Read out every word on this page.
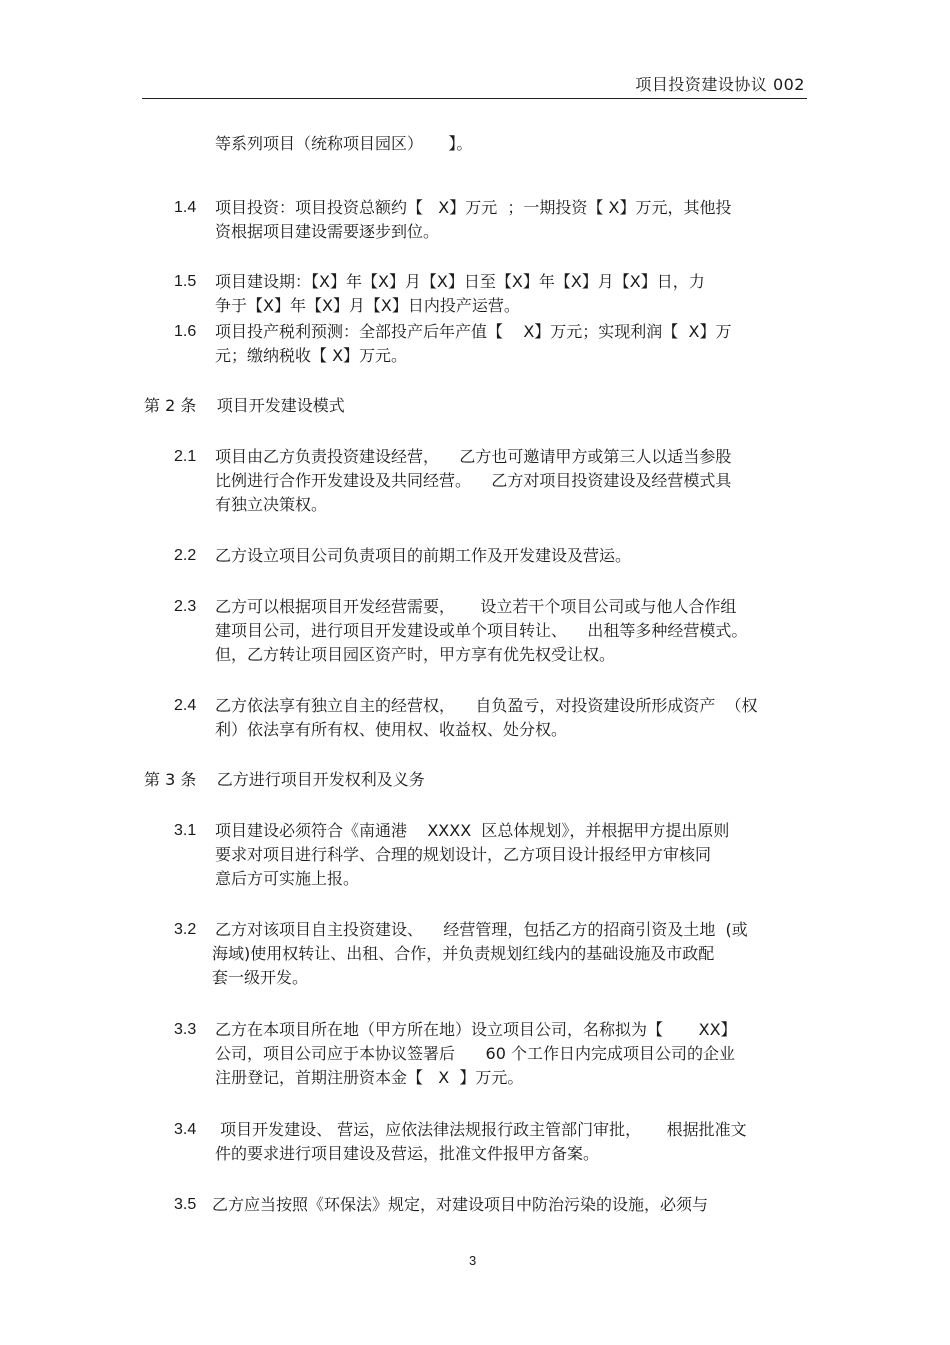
项目投资建设协议 002
等系列项目（统称项目园区）     】。
1.4 项目投资：项目投资总额约【   X】万元  ；一期投资【 X】万元，其他投
资根据项目建设需要逐步到位。
1.5 项目建设期：【X】年【X】月【X】日至【X】年【X】月【X】日，力
争于【X】年【X】月【X】日内投产运营。
1.6 项目投产税利预测：全部投产后年产值【    X】万元；实现利润【  X】万
元；缴纳税收【 X】万元。
第 2 条    项目开发建设模式
2.1 项目由乙方负责投资建设经营，    乙方也可邀请甲方或第三人以适当参股
比例进行合作开发建设及共同经营。    乙方对项目投资建设及经营模式具
有独立决策权。
2.2 乙方设立项目公司负责项目的前期工作及开发建设及营运。
2.3 乙方可以根据项目开发经营需要，     设立若干个项目公司或与他人合作组
建项目公司，进行项目开发建设或单个项目转让、    出租等多种经营模式。
但，乙方转让项目园区资产时，甲方享有优先权受让权。
2.4 乙方依法享有独立自主的经营权，    自负盈亏，对投资建设所形成资产  （权
利）依法享有所有权、使用权、收益权、处分权。
第 3 条    乙方进行项目开发权利及义务
3.1 项目建设必须符合《南通港    XXXX  区总体规划》，并根据甲方提出原则
要求对项目进行科学、合理的规划设计，乙方项目设计报经甲方审核同
意后方可实施上报。
3.2 乙方对该项目自主投资建设、    经营管理，包括乙方的招商引资及土地  (或
海域)使用权转让、出租、合作，并负责规划红线内的基础设施及市政配
套一级开发。
3.3 乙方在本项目所在地（甲方所在地）设立项目公司，名称拟为【       XX】
公司，项目公司应于本协议签署后      60 个工作日内完成项目公司的企业
注册登记，首期注册资本金【   X  】万元。
3.4 项目开发建设、 营运，应依法律法规报行政主管部门审批，     根据批准文
件的要求进行项目建设及营运，批准文件报甲方备案。
3.5 乙方应当按照《环保法》规定，对建设项目中防治污染的设施，必须与
3
